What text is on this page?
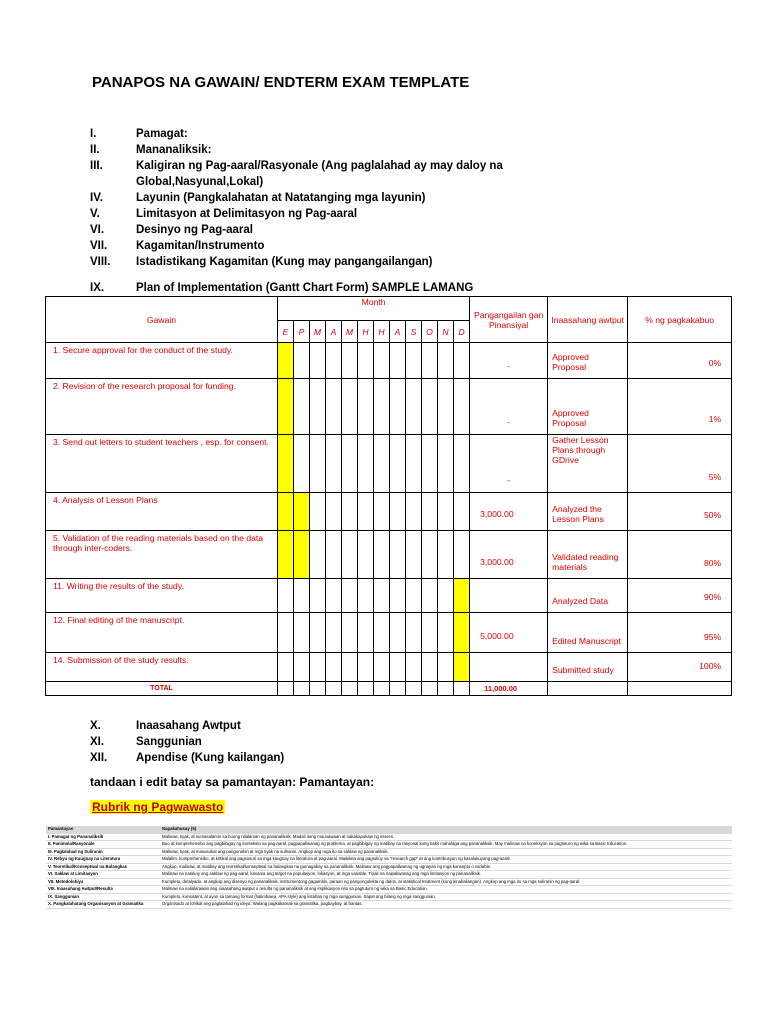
PANAPOS NA GAWAIN/ ENDTERM EXAM TEMPLATE
I.	Pamagat:
II.	Mananaliksik:
III.	Kaligiran ng Pag-aaral/Rasyonale (Ang paglalahad ay may daloy na
Global,Nasyunal,Lokal)
IV.	Layunin (Pangkalahatan at Natatanging mga layunin)
V.	Limitasyon at Delimitasyon ng Pag-aaral
VI.	Desinyo ng Pag-aaral
VII.	Kagamitan/Instrumento
VIII.	Istadistikang Kagamitan (Kung may pangangailangan)
IX.	Plan of Implementation (Gantt Chart Form) SAMPLE LAMANG
Gawain	Month												Pangangailan gan Pinansiyal	Inaasahang awtput	% ng pagkakabuo
	E	P	M	A	M	H	H	A	S	O	N	D			
1. Secure approval for the conduct of the study.													-	Approved Proposal	0%
2. Revision of the research proposal for funding.													-	Approved Proposal	1%
3. Send out letters to student teachers , esp. for consent.													-	Gather Lesson Plans through GDrive	5%
4. Analysis of Lesson Plans													3,000.00	Analyzed the Lesson Plans	50%
5. Validation of the reading materials based on the data through inter-coders.													3,000.00	Validated reading materials	80%
11. Writing the results of the study.														Analyzed Data	90%
12. Final editing of the manuscript.													5,000.00	Edited Manuscript	95%
14. Submission of the study results.														Submitted study	100%
TOTAL													11,000.00		
X.	Inaasahang Awtput
XI.	Sanggunian
XII.	Apendise (Kung kailangan)
tandaan i edit batay sa pamantayan: Pamantayan:
Rubrik ng Pagwawasto
Pamantayan	Napakahusay (5)
I. Pamagat ng Pananaliksik	Malinaw, tiyak, at sumasalamin sa buong nilalaman ng pananaliksik. Madali itong maunawaan at nakakapukaw ng interes.
II. Panimula/Rasyonale	Buo at komprehensibo ang pagbibigay ng konteksto sa pag-aaral, pagpapaliwanag ng problema, at pagbibigay ng matibay na rasyonal kung bakit mahalaga ang pananaliksik. May malinaw na koneksyon sa pagtuturo ng wika sa Basic Education.
III. Paglalahad ng Suliranin	Malinaw, tiyak, at masusukat ang pangunahin at mga tiyak na suliranin. Angkop ang mga ito sa saklaw ng pananaliksik.
IV. Rebyu ng Kaugnay na Literatura	Malalim, komprehensibo, at kritikal ang pagsusuri sa mga kaugnay na literatura at pag-aaral. Maikikita ang pagtukoy sa "research gap" at ang kontribusyon ng kasalukuyang pag-aaral.
V. Teoretikal/Konseptwal na Balangkas	Angkop, malinaw, at matibay ang teoretikal/konseptwal na balangkas na gumagabay sa pananaliksik. Malinaw ang pagpapaliwanag ng ugnayan ng mga konsepto o variable.
VI. Saklaw at Limitasyon	Malinaw na natukoy ang saklaw ng pag-aaral, kasama ang target na populasyon, lokasyon, at mga variable. Tiyak na naipaliwanag ang mga limitasyon ng pananaliksik.
VII. Metodolohiya	Kumpleto, detalyado, at angkop ang disenyo ng pananaliksik, instrumentong gagamitin, paraan ng pangongolekta ng datos, at statistical treatment (kung kinakailangan). Angkop ang mga ito sa mga suliranin ng pag-aaral.
VIII. Inaasahang Awtput/Resulta	Malinaw na nailalarawan ang inaasahang awtput o resulta ng pananaliksik at ang implikasyon nito sa pagtuturo ng wika sa Basic Education.
IX. Sanggunian	Kumpleto, konsistent, at ayon sa tamang format (halimbawa, APA style) ang listahan ng mga sanggunian. Sapat ang bilang ng mga sanggunian.
X. Pangkalahatang Organisasyon at Gramatika	Organisado at lohikal ang paglalahad ng ideya. Walang pagkakamali sa gramatika, pagbaybay, at bantas.
